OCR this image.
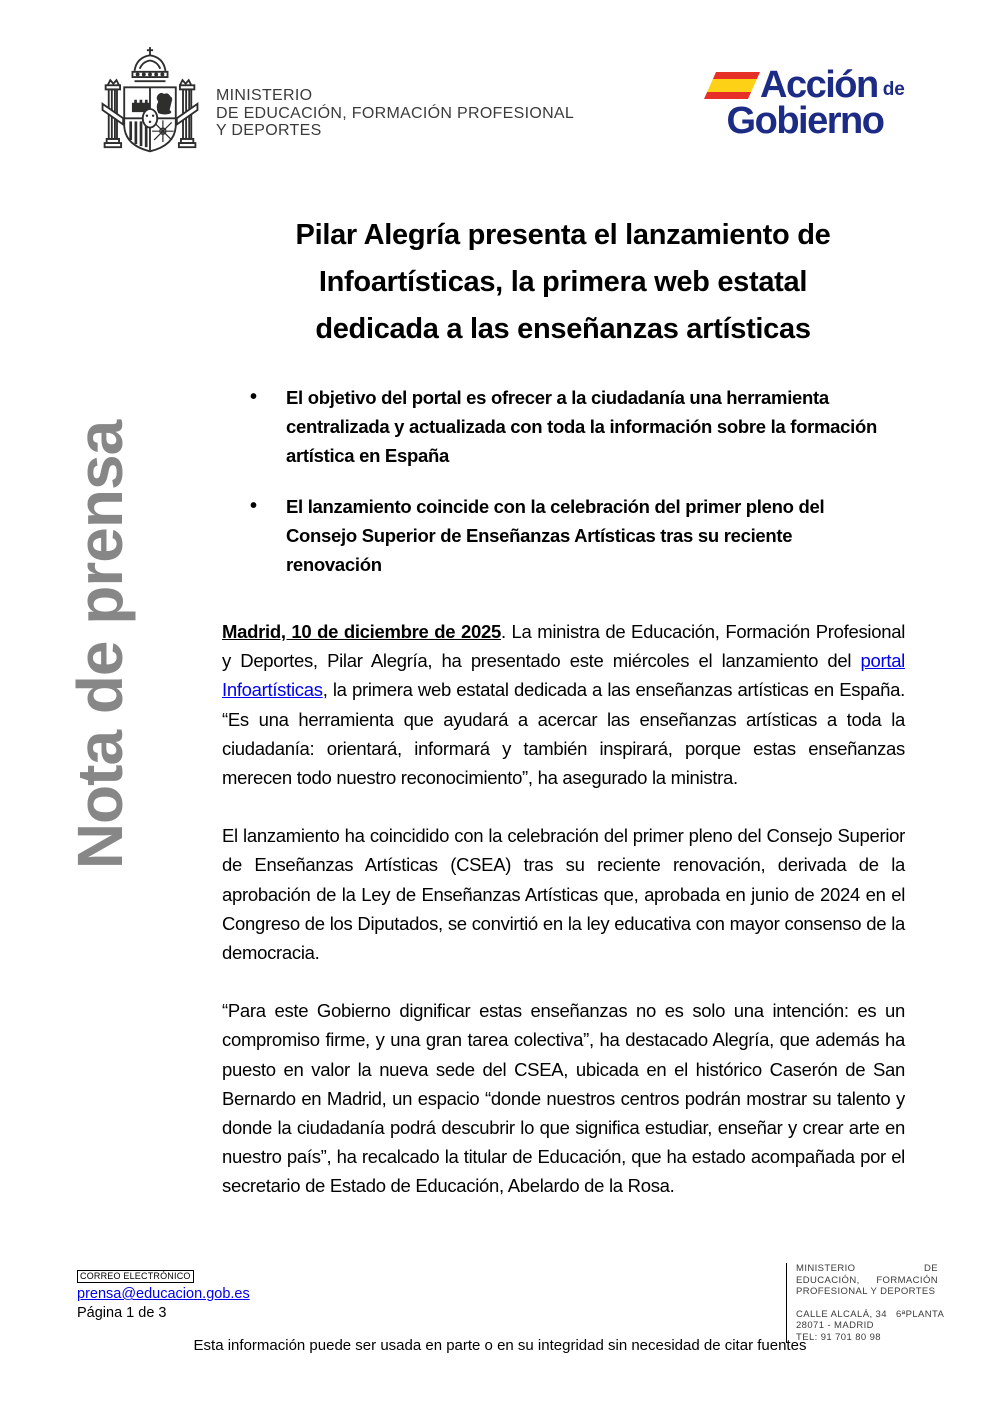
MINISTERIO
DE EDUCACIÓN, FORMACIÓN PROFESIONAL
Y DEPORTES
Acción de
Gobierno
Nota de prensa
Pilar Alegría presenta el lanzamiento de
Infoartísticas, la primera web estatal
dedicada a las enseñanzas artísticas
• El objetivo del portal es ofrecer a la ciudadanía una herramienta centralizada y actualizada con toda la información sobre la formación artística en España
• El lanzamiento coincide con la celebración del primer pleno del Consejo Superior de Enseñanzas Artísticas tras su reciente renovación

Madrid, 10 de diciembre de 2025. La ministra de Educación, Formación Profesional y Deportes, Pilar Alegría, ha presentado este miércoles el lanzamiento del portal Infoartísticas, la primera web estatal dedicada a las enseñanzas artísticas en España. “Es una herramienta que ayudará a acercar las enseñanzas artísticas a toda la ciudadanía: orientará, informará y también inspirará, porque estas enseñanzas merecen todo nuestro reconocimiento”, ha asegurado la ministra.

El lanzamiento ha coincidido con la celebración del primer pleno del Consejo Superior de Enseñanzas Artísticas (CSEA) tras su reciente renovación, derivada de la aprobación de la Ley de Enseñanzas Artísticas que, aprobada en junio de 2024 en el Congreso de los Diputados, se convirtió en la ley educativa con mayor consenso de la democracia.

“Para este Gobierno dignificar estas enseñanzas no es solo una intención: es un compromiso firme, y una gran tarea colectiva”, ha destacado Alegría, que además ha puesto en valor la nueva sede del CSEA, ubicada en el histórico Caserón de San Bernardo en Madrid, un espacio “donde nuestros centros podrán mostrar su talento y donde la ciudadanía podrá descubrir lo que significa estudiar, enseñar y crear arte en nuestro país”, ha recalcado la titular de Educación, que ha estado acompañada por el secretario de Estado de Educación, Abelardo de la Rosa.

CORREO ELECTRÓNICO
prensa@educacion.gob.es
Página 1 de 3
MINISTERIO DE EDUCACIÓN, FORMACIÓN PROFESIONAL Y DEPORTES
CALLE ALCALÁ, 34   6ªPLANTA
28071 - MADRID
TEL: 91 701 80 98
Esta información puede ser usada en parte o en su integridad sin necesidad de citar fuentes
